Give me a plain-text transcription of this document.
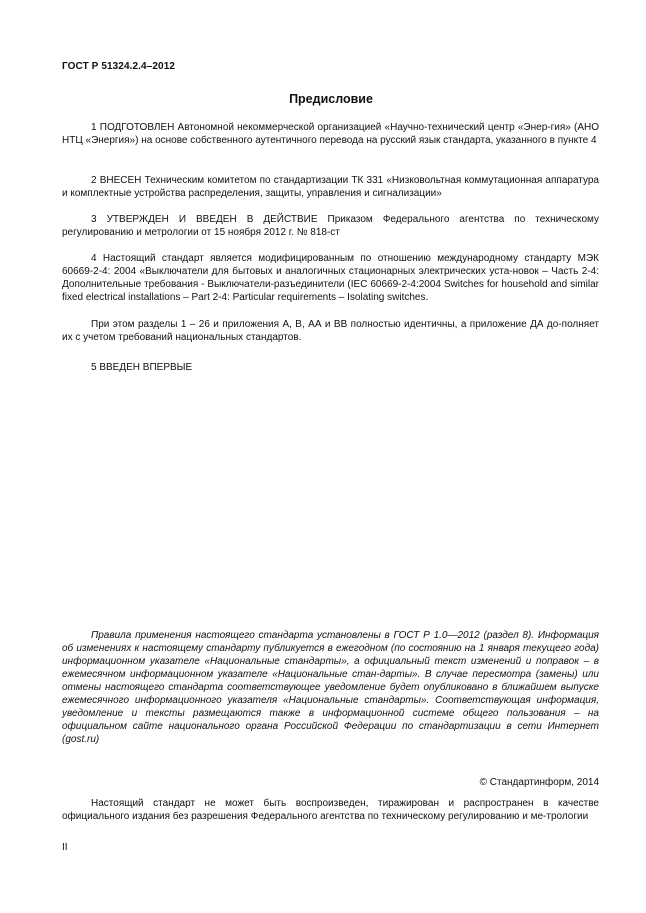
ГОСТ Р 51324.2.4–2012
Предисловие

1 ПОДГОТОВЛЕН Автономной некоммерческой организацией «Научно-технический центр «Энер-гия» (АНО НТЦ «Энергия») на основе собственного аутентичного перевода на русский язык стандарта, указанного в пункте 4

2 ВНЕСЕН Техническим комитетом по стандартизации ТК 331 «Низковольтная коммутационная аппаратура и комплектные устройства распределения, защиты, управления и сигнализации»

3 УТВЕРЖДЕН И ВВЕДЕН В ДЕЙСТВИЕ Приказом Федерального агентства по техническому регулированию и метрологии от 15 ноября 2012 г. № 818-ст

4 Настоящий стандарт является модифицированным по отношению международному стандарту МЭК 60669-2-4: 2004 «Выключатели для бытовых и аналогичных стационарных электрических уста-новок – Часть 2-4: Дополнительные требования - Выключатели-разъединители (IEC 60669-2-4:2004 Switches for household and similar fixed electrical installations – Part 2-4: Particular requirements – Isolating switches.

При этом разделы 1 – 26 и приложения А, В, АА и ВВ полностью идентичны, а приложение ДА до-полняет их с учетом требований национальных стандартов.

5 ВВЕДЕН ВПЕРВЫЕ

Правила применения настоящего стандарта установлены в ГОСТ Р 1.0—2012 (раздел 8). Информация об изменениях к настоящему стандарту публикуется в ежегодном (по состоянию на 1 января текущего года) информационном указателе «Национальные стандарты», а официальный текст изменений и поправок – в ежемесячном информационном указателе «Национальные стан-дарты». В случае пересмотра (замены) или отмены настоящего стандарта соответствующее уведомление будет опубликовано в ближайшем выпуске ежемесячного информационного указателя «Национальные стандарты». Соответствующая информация, уведомление и тексты размещаются также в информационной системе общего пользования – на официальном сайте национального органа Российской Федерации по стандартизации в сети Интернет (gost.ru)

© Стандартинформ, 2014

Настоящий стандарт не может быть воспроизведен, тиражирован и распространен в качестве официального издания без разрешения Федерального агентства по техническому регулированию и ме-трологии

II
